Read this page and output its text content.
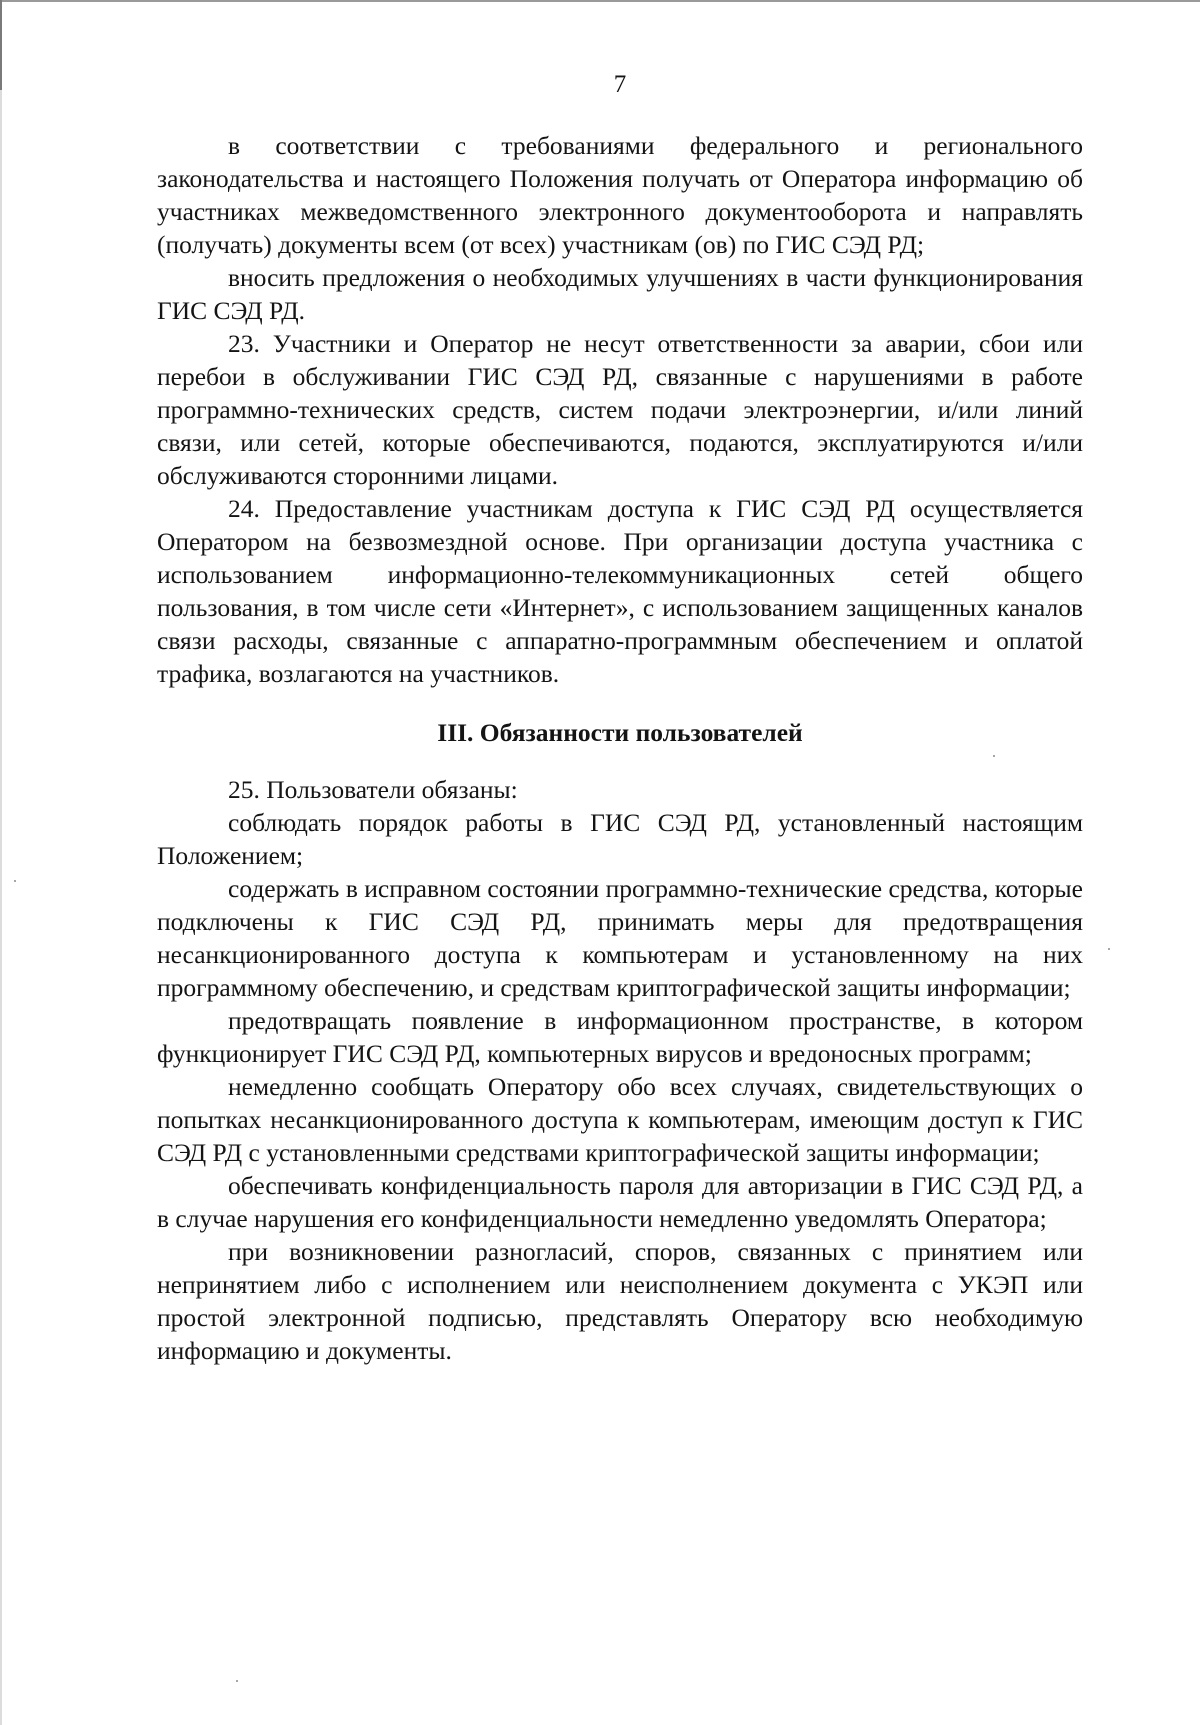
7

в соответствии с требованиями федерального и регионального законодательства и настоящего Положения получать от Оператора информацию об участниках межведомственного электронного документооборота и направлять (получать) документы всем (от всех) участникам (ов) по ГИС СЭД РД;

вносить предложения о необходимых улучшениях в части функционирования ГИС СЭД РД.

23. Участники и Оператор не несут ответственности за аварии, сбои или перебои в обслуживании ГИС СЭД РД, связанные с нарушениями в работе программно-технических средств, систем подачи электроэнергии, и/или линий связи, или сетей, которые обеспечиваются, подаются, эксплуатируются и/или обслуживаются сторонними лицами.

24. Предоставление участникам доступа к ГИС СЭД РД осуществляется Оператором на безвозмездной основе. При организации доступа участника с использованием информационно-телекоммуникационных сетей общего пользования, в том числе сети «Интернет», с использованием защищенных каналов связи расходы, связанные с аппаратно-программным обеспечением и оплатой трафика, возлагаются на участников.

III. Обязанности пользователей

25. Пользователи обязаны:

соблюдать порядок работы в ГИС СЭД РД, установленный настоящим Положением;

содержать в исправном состоянии программно-технические средства, которые подключены к ГИС СЭД РД, принимать меры для предотвращения несанкционированного доступа к компьютерам и установленному на них программному обеспечению, и средствам криптографической защиты информации;

предотвращать появление в информационном пространстве, в котором функционирует ГИС СЭД РД, компьютерных вирусов и вредоносных программ;

немедленно сообщать Оператору обо всех случаях, свидетельствующих о попытках несанкционированного доступа к компьютерам, имеющим доступ к ГИС СЭД РД с установленными средствами криптографической защиты информации;

обеспечивать конфиденциальность пароля для авторизации в ГИС СЭД РД, а в случае нарушения его конфиденциальности немедленно уведомлять Оператора;

при возникновении разногласий, споров, связанных с принятием или непринятием либо с исполнением или неисполнением документа с УКЭП или простой электронной подписью, представлять Оператору всю необходимую информацию и документы.
